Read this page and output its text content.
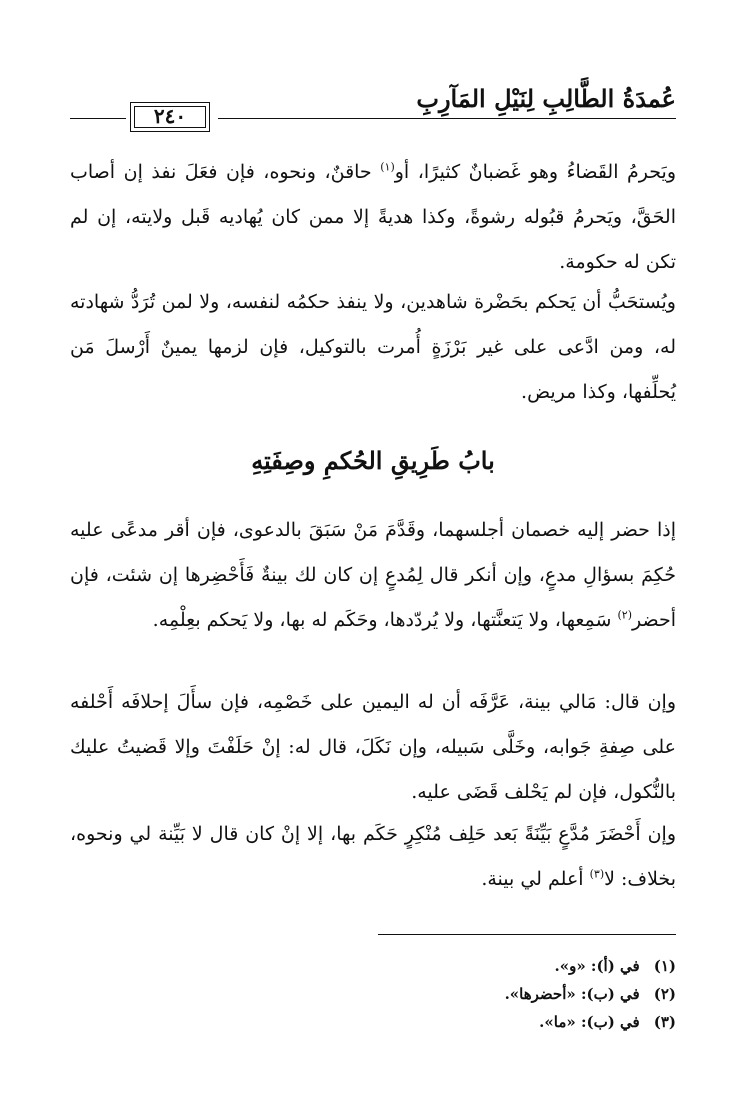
عُمدَةُ الطَّالِبِ لِنَيْلِ المَآرِبِ
٢٤٠

ويَحرمُ القَضاءُ وهو غَضبانٌ كثيرًا، أو$^{(١)}$ حاقنٌ، ونحوه، فإن فعَلَ نفذ إن أصاب الحَقَّ، ويَحرمُ قبُوله رشوةً، وكذا هديةً إلا ممن كان يُهاديه قَبل ولايته، إن لم تكن له حكومة.

ويُستحَبُّ أن يَحكم بحَضْرة شاهدين، ولا ينفذ حكمُه لنفسه، ولا لمن تُرَدُّ شهادته له، ومن ادَّعى على غير بَرْزَةٍ أُمرت بالتوكيل، فإن لزمها يمينٌ أَرْسلَ مَن يُحلِّفها، وكذا مريض.

بابُ طَرِيقِ الحُكمِ وصِفَتِهِ

إذا حضر إليه خصمان أجلسهما، وقَدَّمَ مَنْ سَبَقَ بالدعوى، فإن أقر مدعًى عليه حُكِمَ بسؤالِ مدعٍ، وإن أنكر قال لِمُدعٍ إن كان لك بينةٌ فَأَحْضِرها إن شئت، فإن أحضر$^{(٢)}$ سَمِعها، ولا يَتعنَّتها، ولا يُردّدها، وحَكَم له بها، ولا يَحكم بعِلْمِه.

وإن قال: مَالي بينة، عَرَّفَه أن له اليمين على خَصْمِه، فإن سأَلَ إحلافَه أَحْلفه على صِفةِ جَوابه، وخَلَّى سَبيله، وإن نَكَلَ، قال له: إنْ حَلَفْتَ وإلا قَضيتُ عليك بالنُّكول، فإن لم يَحْلف قَضَى عليه.

وإن أَحْضَرَ مُدَّعٍ بَيِّنَةً بَعد حَلِف مُنْكِرٍ حَكَم بها، إلا إنْ كان قال لا بَيِّنة لي ونحوه، بخلاف: لا$^{(٣)}$ أعلم لي بينة.

(١)في (أ): «و».

(٢)في (ب): «أحضرها».

(٣)في (ب): «ما».
